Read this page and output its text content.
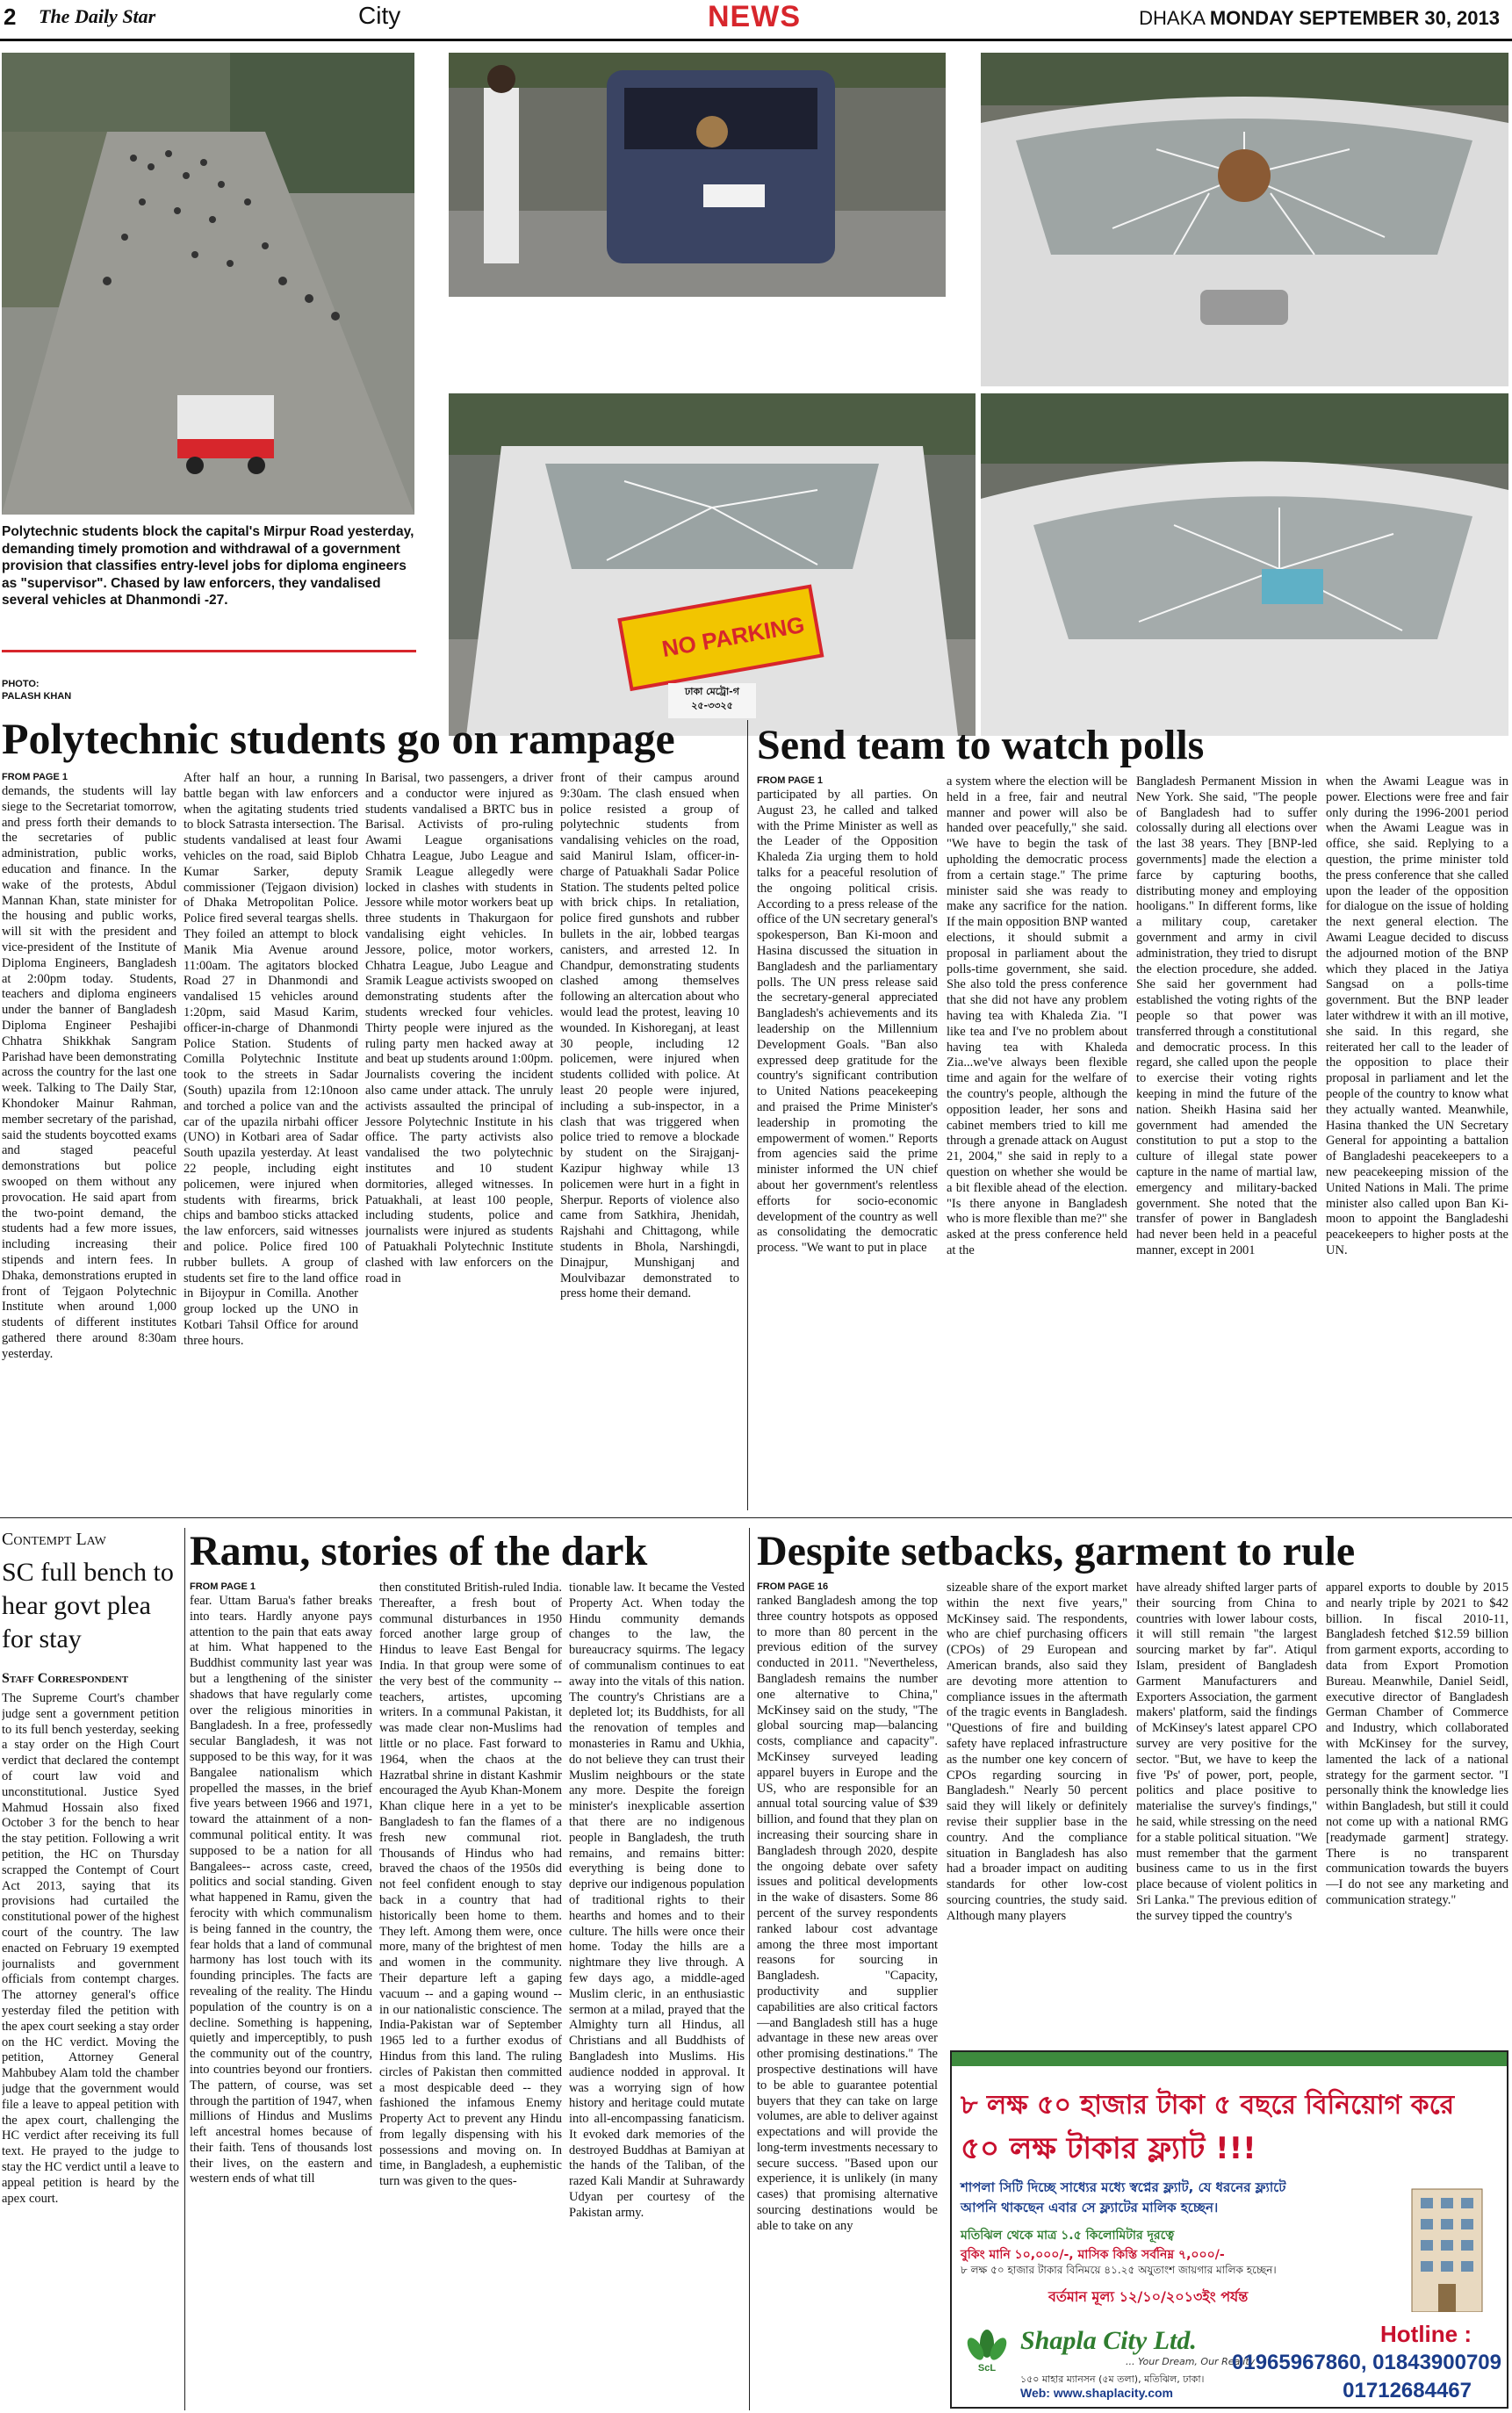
2 The Daily Star	City	NEWS	DHAKA MONDAY SEPTEMBER 30, 2013
NO PARKING
ঢাকা মেট্রো-গ
২৫-৩৩২৫
Polytechnic students block the capital's Mirpur Road yesterday, demanding timely promotion and withdrawal of a government provision that classifies entry-level jobs for diploma engineers as "supervisor". Chased by law enforcers, they vandalised several vehicles at Dhanmondi -27.
PHOTO:
PALASH KHAN
Polytechnic students go on rampage
FROM PAGE 1
demands, the students will lay siege to the Secretariat tomorrow, and press forth their demands to the secretaries of public administration, public works, education and finance. In the wake of the protests, Abdul Mannan Khan, state minister for the housing and public works, will sit with the president and vice-president of the Institute of Diploma Engineers, Bangladesh at 2:00pm today. Students, teachers and diploma engineers under the banner of Bangladesh Diploma Engineer Peshajibi Chhatra Shikkhak Sangram Parishad have been demonstrating across the country for the last one week. Talking to The Daily Star, Khondoker Mainur Rahman, member secretary of the parishad, said the students boycotted exams and staged peaceful demonstrations but police swooped on them without any provocation. He said apart from the two-point demand, the students had a few more issues, including increasing their stipends and intern fees. In Dhaka, demonstrations erupted in front of Tejgaon Polytechnic Institute when around 1,000 students of different institutes gathered there around 8:30am yesterday.
After half an hour, a running battle began with law enforcers when the agitating students tried to block Satrasta intersection. The students vandalised at least four vehicles on the road, said Biplob Kumar Sarker, deputy commissioner (Tejgaon division) of Dhaka Metropolitan Police. Police fired several teargas shells. They foiled an attempt to block Manik Mia Avenue around 11:00am. The agitators blocked Road 27 in Dhanmondi and vandalised 15 vehicles around 1:20pm, said Masud Karim, officer-in-charge of Dhanmondi Police Station. Students of Comilla Polytechnic Institute took to the streets in Sadar (South) upazila from 12:10noon and torched a police van and the car of the upazila nirbahi officer (UNO) in Kotbari area of Sadar South upazila yesterday. At least 22 people, including eight policemen, were injured when students with firearms, brick chips and bamboo sticks attacked the law enforcers, said witnesses and police. Police fired 100 rubber bullets. A group of students set fire to the land office in Bijoypur in Comilla. Another group locked up the UNO in Kotbari Tahsil Office for around three hours.
In Barisal, two passengers, a driver and a conductor were injured as students vandalised a BRTC bus in Barisal. Activists of pro-ruling Awami League organisations Chhatra League, Jubo League and Sramik League allegedly were locked in clashes with students in Jessore while motor workers beat up three students in Thakurgaon for vandalising eight vehicles. In Jessore, police, motor workers, Chhatra League, Jubo League and Sramik League activists swooped on demonstrating students after the students wrecked four vehicles. Thirty people were injured as the ruling party men hacked away at and beat up students around 1:00pm. Journalists covering the incident also came under attack. The unruly activists assaulted the principal of Jessore Polytechnic Institute in his office. The party activists also vandalised the two polytechnic institutes and 10 student dormitories, alleged witnesses. In Patuakhali, at least 100 people, including students, police and journalists were injured as students of Patuakhali Polytechnic Institute clashed with law enforcers on the road in
front of their campus around 9:30am. The clash ensued when police resisted a group of polytechnic students from vandalising vehicles on the road, said Manirul Islam, officer-in-charge of Patuakhali Sadar Police Station. The students pelted police with brick chips. In retaliation, police fired gunshots and rubber bullets in the air, lobbed teargas canisters, and arrested 12. In Chandpur, demonstrating students clashed among themselves following an altercation about who would lead the protest, leaving 10 wounded. In Kishoreganj, at least 30 people, including 12 policemen, were injured when students collided with police. At least 20 people were injured, including a sub-inspector, in a clash that was triggered when police tried to remove a blockade by student on the Sirajganj-Kazipur highway while 13 policemen were hurt in a fight in Sherpur. Reports of violence also came from Satkhira, Jhenidah, Rajshahi and Chittagong, while students in Bhola, Narshingdi, Dinajpur, Munshiganj and Moulvibazar demonstrated to press home their demand.
Send team to watch polls
FROM PAGE 1
participated by all parties. On August 23, he called and talked with the Prime Minister as well as the Leader of the Opposition Khaleda Zia urging them to hold talks for a peaceful resolution of the ongoing political crisis. According to a press release of the office of the UN secretary general's spokesperson, Ban Ki-moon and Hasina discussed the situation in Bangladesh and the parliamentary polls. The UN press release said the secretary-general appreciated Bangladesh's achievements and its leadership on the Millennium Development Goals. "Ban also expressed deep gratitude for the country's significant contribution to United Nations peacekeeping and praised the Prime Minister's leadership in promoting the empowerment of women." Reports from agencies said the prime minister informed the UN chief about her government's relentless efforts for socio-economic development of the country as well as consolidating the democratic process. "We want to put in place
a system where the election will be held in a free, fair and neutral manner and power will also be handed over peacefully," she said. "We have to begin the task of upholding the democratic process from a certain stage." The prime minister said she was ready to make any sacrifice for the nation. If the main opposition BNP wanted elections, it should submit a proposal in parliament about the polls-time government, she said. She also told the press conference that she did not have any problem having tea with Khaleda Zia. "I like tea and I've no problem about having tea with Khaleda Zia...we've always been flexible time and again for the welfare of the country's people, although the opposition leader, her sons and cabinet members tried to kill me through a grenade attack on August 21, 2004," she said in reply to a question on whether she would be a bit flexible ahead of the election. "Is there anyone in Bangladesh who is more flexible than me?" she asked at the press conference held at the
Bangladesh Permanent Mission in New York. She said, "The people of Bangladesh had to suffer colossally during all elections over the last 38 years. They [BNP-led governments] made the election a farce by capturing booths, distributing money and employing hooligans." In different forms, like a military coup, caretaker government and army in civil administration, they tried to disrupt the election procedure, she added. She said her government had established the voting rights of the people so that power was transferred through a constitutional and democratic process. In this regard, she called upon the people to exercise their voting rights keeping in mind the future of the nation. Sheikh Hasina said her government had amended the constitution to put a stop to the culture of illegal state power capture in the name of martial law, emergency and military-backed government. She noted that the transfer of power in Bangladesh had never been held in a peaceful manner, except in 2001
when the Awami League was in power. Elections were free and fair only during the 1996-2001 period when the Awami League was in office, she said. Replying to a question, the prime minister told the press conference that she called upon the leader of the opposition for dialogue on the issue of holding the next general election. The Awami League decided to discuss the adjourned motion of the BNP which they placed in the Jatiya Sangsad on a polls-time government. But the BNP leader later withdrew it with an ill motive, she said. In this regard, she reiterated her call to the leader of the opposition to place their proposal in parliament and let the people of the country to know what they actually wanted. Meanwhile, Hasina thanked the UN Secretary General for appointing a battalion of Bangladeshi peacekeepers to a new peacekeeping mission of the United Nations in Mali. The prime minister also called upon Ban Ki-moon to appoint the Bangladeshi peacekeepers to higher posts at the UN.
Contempt Law
SC full bench to hear govt plea for stay
Staff Correspondent
The Supreme Court's chamber judge sent a government petition to its full bench yesterday, seeking a stay order on the High Court verdict that declared the contempt of court law void and unconstitutional. Justice Syed Mahmud Hossain also fixed October 3 for the bench to hear the stay petition. Following a writ petition, the HC on Thursday scrapped the Contempt of Court Act 2013, saying that its provisions had curtailed the constitutional power of the highest court of the country. The law enacted on February 19 exempted journalists and government officials from contempt charges. The attorney general's office yesterday filed the petition with the apex court seeking a stay order on the HC verdict. Moving the petition, Attorney General Mahbubey Alam told the chamber judge that the government would file a leave to appeal petition with the apex court, challenging the HC verdict after receiving its full text. He prayed to the judge to stay the HC verdict until a leave to appeal petition is heard by the apex court.
Ramu, stories of the dark
FROM PAGE 1
fear. Uttam Barua's father breaks into tears. Hardly anyone pays attention to the pain that eats away at him. What happened to the Buddhist community last year was but a lengthening of the sinister shadows that have regularly come over the religious minorities in Bangladesh. In a free, professedly secular Bangladesh, it was not supposed to be this way, for it was Bangalee nationalism which propelled the masses, in the brief five years between 1966 and 1971, toward the attainment of a non-communal political entity. It was supposed to be a nation for all Bangalees-- across caste, creed, politics and social standing. Given what happened in Ramu, given the ferocity with which communalism is being fanned in the country, the fear holds that a land of communal harmony has lost touch with its founding principles. The facts are revealing of the reality. The Hindu population of the country is on a decline. Something is happening, quietly and imperceptibly, to push the community out of the country, into countries beyond our frontiers. The pattern, of course, was set through the partition of 1947, when millions of Hindus and Muslims left ancestral homes because of their faith. Tens of thousands lost their lives, on the eastern and western ends of what till
then constituted British-ruled India. Thereafter, a fresh bout of communal disturbances in 1950 forced another large group of Hindus to leave East Bengal for India. In that group were some of the very best of the community -- teachers, artistes, upcoming writers. In a communal Pakistan, it was made clear non-Muslims had little or no place. Fast forward to 1964, when the chaos at the Hazratbal shrine in distant Kashmir encouraged the Ayub Khan-Monem Khan clique here in a yet to be Bangladesh to fan the flames of a fresh new communal riot. Thousands of Hindus who had braved the chaos of the 1950s did not feel confident enough to stay back in a country that had historically been home to them. They left. Among them were, once more, many of the brightest of men and women in the community. Their departure left a gaping vacuum -- and a gaping wound -- in our nationalistic conscience. The India-Pakistan war of September 1965 led to a further exodus of Hindus from this land. The ruling circles of Pakistan then committed a most despicable deed -- they fashioned the infamous Enemy Property Act to prevent any Hindu from legally dispensing with his possessions and moving on. In time, in Bangladesh, a euphemistic turn was given to the ques-
tionable law. It became the Vested Property Act. When today the Hindu community demands changes to the law, the bureaucracy squirms. The legacy of communalism continues to eat away into the vitals of this nation. The country's Christians are a depleted lot; its Buddhists, for all the renovation of temples and monasteries in Ramu and Ukhia, do not believe they can trust their Muslim neighbours or the state any more. Despite the foreign minister's inexplicable assertion that there are no indigenous people in Bangladesh, the truth remains, and remains bitter: everything is being done to deprive our indigenous population of traditional rights to their hearths and homes and to their culture. The hills were once their home. Today the hills are a nightmare they live through. A few days ago, a middle-aged Muslim cleric, in an enthusiastic sermon at a milad, prayed that the Almighty turn all Hindus, all Christians and all Buddhists of Bangladesh into Muslims. His audience nodded in approval. It was a worrying sign of how history and heritage could mutate into all-encompassing fanaticism. It evoked dark memories of the destroyed Buddhas at Bamiyan at the hands of the Taliban, of the razed Kali Mandir at Suhrawardy Udyan per courtesy of the Pakistan army.
Despite setbacks, garment to rule
FROM PAGE 16
ranked Bangladesh among the top three country hotspots as opposed to more than 80 percent in the previous edition of the survey conducted in 2011. "Nevertheless, Bangladesh remains the number one alternative to China," McKinsey said on the study, "The global sourcing map—balancing costs, compliance and capacity". McKinsey surveyed leading apparel buyers in Europe and the US, who are responsible for an annual total sourcing value of $39 billion, and found that they plan on increasing their sourcing share in Bangladesh through 2020, despite the ongoing debate over safety issues and political developments in the wake of disasters. Some 86 percent of the survey respondents ranked labour cost advantage among the three most important reasons for sourcing in Bangladesh. "Capacity, productivity and supplier capabilities are also critical factors—and Bangladesh still has a huge advantage in these new areas over other promising destinations." The prospective destinations will have to be able to guarantee potential buyers that they can take on large volumes, are able to deliver against expectations and will provide the long-term investments necessary to secure success. "Based upon our experience, it is unlikely (in many cases) that promising alternative sourcing destinations would be able to take on any
sizeable share of the export market within the next five years," McKinsey said. The respondents, who are chief purchasing officers (CPOs) of 29 European and American brands, also said they are devoting more attention to compliance issues in the aftermath of the tragic events in Bangladesh. "Questions of fire and building safety have replaced infrastructure as the number one key concern of CPOs regarding sourcing in Bangladesh." Nearly 50 percent said they will likely or definitely revise their supplier base in the country. And the compliance situation in Bangladesh has also had a broader impact on auditing standards for other low-cost sourcing countries, the study said. Although many players
have already shifted larger parts of their sourcing from China to countries with lower labour costs, it will still remain "the largest sourcing market by far". Atiqul Islam, president of Bangladesh Garment Manufacturers and Exporters Association, the garment makers' platform, said the findings of McKinsey's latest apparel CPO survey are very positive for the sector. "But, we have to keep the five 'Ps' of power, port, people, politics and place positive to materialise the survey's findings," he said, while stressing on the need for a stable political situation. "We must remember that the garment business came to us in the first place because of violent politics in Sri Lanka." The previous edition of the survey tipped the country's
apparel exports to double by 2015 and nearly triple by 2021 to $42 billion. In fiscal 2010-11, Bangladesh fetched $12.59 billion from garment exports, according to data from Export Promotion Bureau. Meanwhile, Daniel Seidl, executive director of Bangladesh German Chamber of Commerce and Industry, which collaborated with McKinsey for the survey, lamented the lack of a national strategy for the garment sector. "I personally think the knowledge lies within Bangladesh, but still it could not come up with a national RMG [readymade garment] strategy. There is no transparent communication towards the buyers—I do not see any marketing and communication strategy."
৮ লক্ষ ৫০ হাজার টাকা ৫ বছরে বিনিয়োগ করে
৫০ লক্ষ টাকার ফ্ল্যাট !!!
শাপলা সিটি দিচ্ছে সাধ্যের মধ্যে স্বপ্নের ফ্ল্যাট, যে ধরনের ফ্ল্যাটে
আপনি থাকছেন এবার সে ফ্ল্যাটের মালিক হচ্ছেন।
মতিঝিল থেকে মাত্র ১.৫ কিলোমিটার দূরত্বে
বুকিং মানি ১০,০০০/-, মাসিক কিস্তি সর্বনিম্ন ৭,০০০/-
৮ লক্ষ ৫০ হাজার টাকার বিনিময়ে ৪১.২৫ অযুতাংশ জায়গার মালিক হচ্ছেন।
বর্তমান মূল্য ১২/১০/২০১৩ইং পর্যন্ত
ScL
Shapla City Ltd.
... Your Dream, Our Reality
১৫০ মাহার ম্যানসন (৫ম তলা), মতিঝিল, ঢাকা।
Web: www.shaplacity.com
Hotline :
01965967860, 01843900709
01712684467
